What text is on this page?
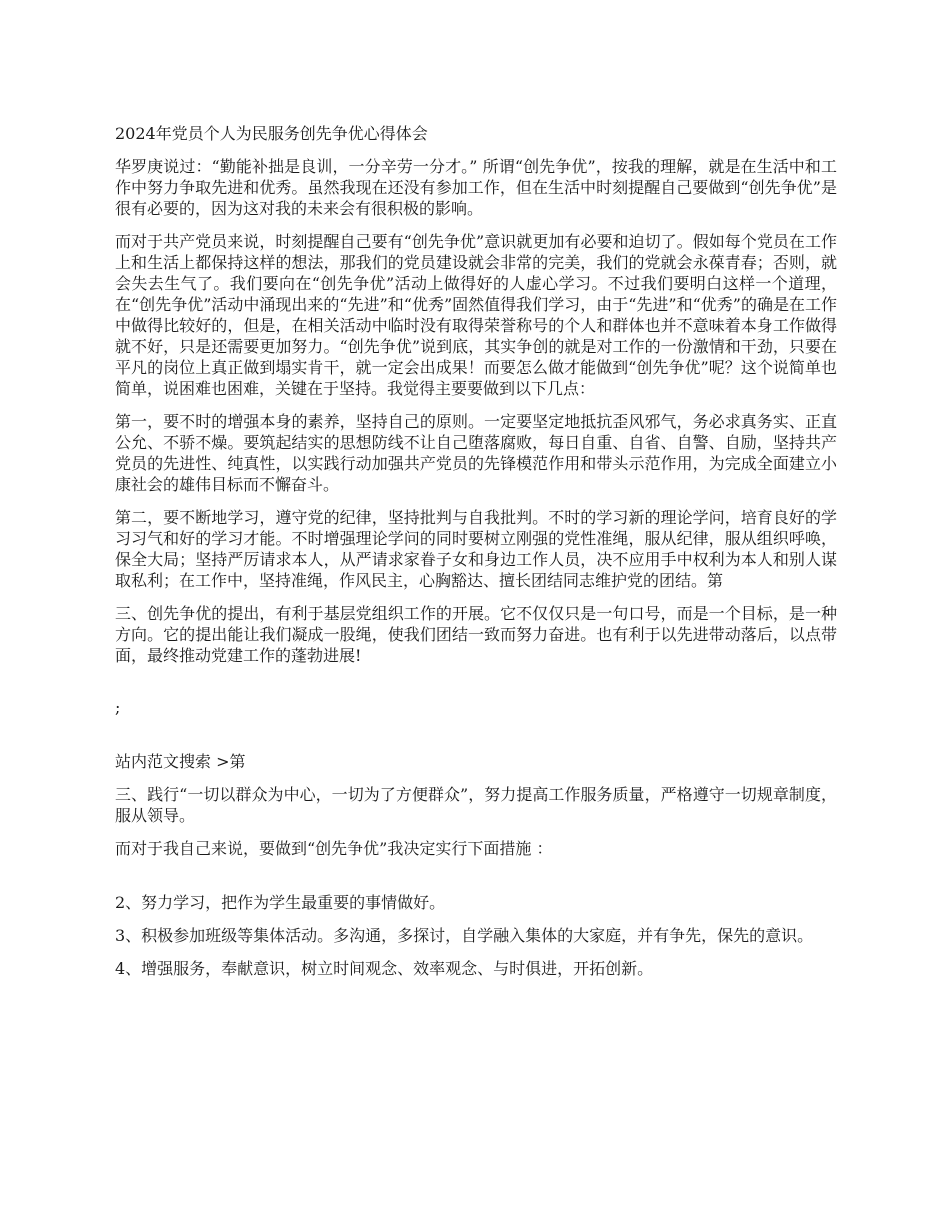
2024年党员个人为民服务创先争优心得体会

华罗庚说过：“勤能补拙是良训，一分辛劳一分才。” 所谓“创先争优”，按我的理解，就是在生活中和工作中努力争取先进和优秀。虽然我现在还没有参加工作，但在生活中时刻提醒自己要做到“创先争优”是很有必要的，因为这对我的未来会有很积极的影响。

而对于共产党员来说，时刻提醒自己要有“创先争优”意识就更加有必要和迫切了。假如每个党员在工作上和生活上都保持这样的想法，那我们的党员建设就会非常的完美，我们的党就会永葆青春；否则，就会失去生气了。我们要向在“创先争优”活动上做得好的人虚心学习。不过我们要明白这样一个道理，在“创先争优”活动中涌现出来的“先进”和“优秀”固然值得我们学习，由于“先进”和“优秀”的确是在工作中做得比较好的，但是，在相关活动中临时没有取得荣誉称号的个人和群体也并不意味着本身工作做得就不好，只是还需要更加努力。“创先争优”说到底，其实争创的就是对工作的一份激情和干劲，只要在平凡的岗位上真正做到塌实肯干，就一定会出成果！而要怎么做才能做到“创先争优”呢？这个说简单也简单，说困难也困难，关键在于坚持。我觉得主要要做到以下几点：

第一，要不时的增强本身的素养，坚持自己的原则。一定要坚定地抵抗歪风邪气，务必求真务实、正直公允、不骄不燥。要筑起结实的思想防线不让自己堕落腐败，每日自重、自省、自警、自励，坚持共产党员的先进性、纯真性，以实践行动加强共产党员的先锋模范作用和带头示范作用，为完成全面建立小康社会的雄伟目标而不懈奋斗。

第二，要不断地学习，遵守党的纪律，坚持批判与自我批判。不时的学习新的理论学问，培育良好的学习习气和好的学习才能。不时增强理论学问的同时要树立刚强的党性准绳，服从纪律，服从组织呼唤，保全大局；坚持严厉请求本人，从严请求家眷子女和身边工作人员，决不应用手中权利为本人和别人谋取私利；在工作中，坚持准绳，作风民主，心胸豁达、擅长团结同志维护党的团结。第

三、创先争优的提出，有利于基层党组织工作的开展。它不仅仅只是一句口号，而是一个目标，是一种方向。它的提出能让我们凝成一股绳，使我们团结一致而努力奋进。也有利于以先进带动落后，以点带面，最终推动党建工作的蓬勃进展!

;

站内范文搜索 >第

三、践行“一切以群众为中心，一切为了方便群众”，努力提高工作服务质量，严格遵守一切规章制度，服从领导。

而对于我自己来说，要做到“创先争优”我决定实行下面措施 ：

2、努力学习，把作为学生最重要的事情做好。

3、积极参加班级等集体活动。多沟通，多探讨，自学融入集体的大家庭，并有争先，保先的意识。

4、增强服务，奉献意识，树立时间观念、效率观念、与时俱进，开拓创新。
